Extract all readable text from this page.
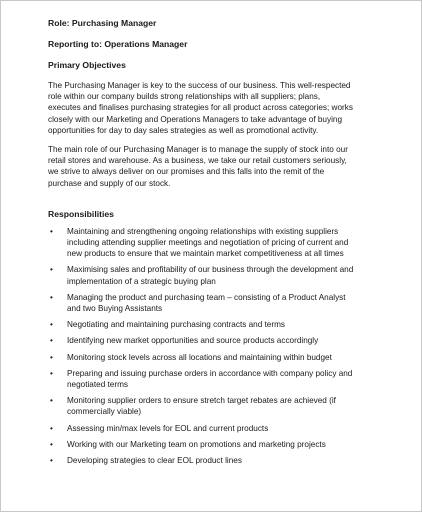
Role: Purchasing Manager

Reporting to: Operations Manager

Primary Objectives

The Purchasing Manager is key to the success of our business. This well-respected
role within our company builds strong relationships with all suppliers; plans,
executes and finalises purchasing strategies for all product across categories; works
closely with our Marketing and Operations Managers to take advantage of buying
opportunities for day to day sales strategies as well as promotional activity.
The main role of our Purchasing Manager is to manage the supply of stock into our
retail stores and warehouse. As a business, we take our retail customers seriously,
we strive to always deliver on our promises and this falls into the remit of the
purchase and supply of our stock.

Responsibilities

• Maintaining and strengthening ongoing relationships with existing suppliers
including attending supplier meetings and negotiation of pricing of current and
new products to ensure that we maintain market competitiveness at all times
• Maximising sales and profitability of our business through the development and
implementation of a strategic buying plan
• Managing the product and purchasing team – consisting of a Product Analyst
and two Buying Assistants
• Negotiating and maintaining purchasing contracts and terms
• Identifying new market opportunities and source products accordingly
• Monitoring stock levels across all locations and maintaining within budget
• Preparing and issuing purchase orders in accordance with company policy and
negotiated terms
• Monitoring supplier orders to ensure stretch target rebates are achieved (if
commercially viable)
• Assessing min/max levels for EOL and current products
• Working with our Marketing team on promotions and marketing projects
• Developing strategies to clear EOL product lines
